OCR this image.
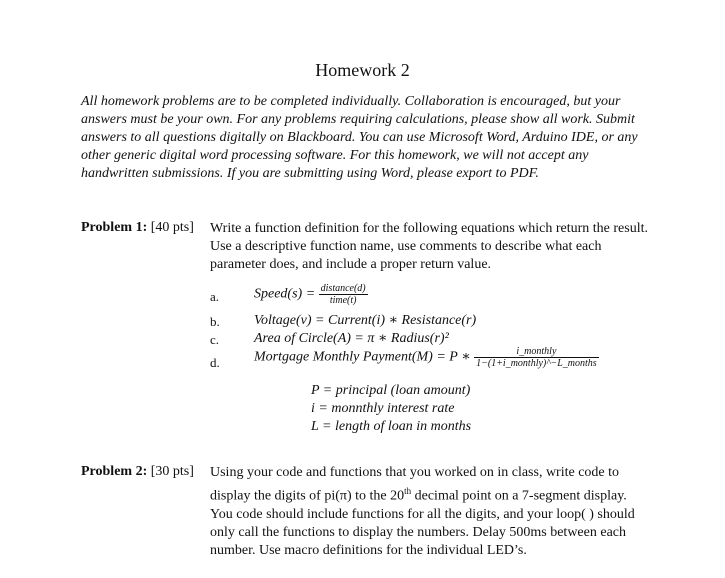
Homework 2
All homework problems are to be completed individually. Collaboration is encouraged, but your answers must be your own. For any problems requiring calculations, please show all work. Submit answers to all questions digitally on Blackboard. You can use Microsoft Word, Arduino IDE, or any other generic digital word processing software. For this homework, we will not accept any handwritten submissions. If you are submitting using Word, please export to PDF.
Problem 1: [40 pts] Write a function definition for the following equations which return the result. Use a descriptive function name, use comments to describe what each parameter does, and include a proper return value.
a. Speed(s) = $\frac{\text{distance(d)}}{\text{time(t)}}$
b. Voltage(v) = Current(i) ∗ Resistance(r)
c. Area of Circle(A) = π ∗ Radius(r)²
d. Mortgage Monthly Payment(M) = P ∗ $\frac{\text{i\_monthly}}{\text{1−(1+i\_monthly)\textasciicircum{}−L\_months}}$
P = principal (loan amount)
i = monnthly interest rate
L = length of loan in months
Problem 2: [30 pts] Using your code and functions that you worked on in class, write code to display the digits of pi(π) to the 20th decimal point on a 7-segment display. You code should include functions for all the digits, and your loop( ) should only call the functions to display the numbers. Delay 500ms between each number. Use macro definitions for the individual LED’s.
